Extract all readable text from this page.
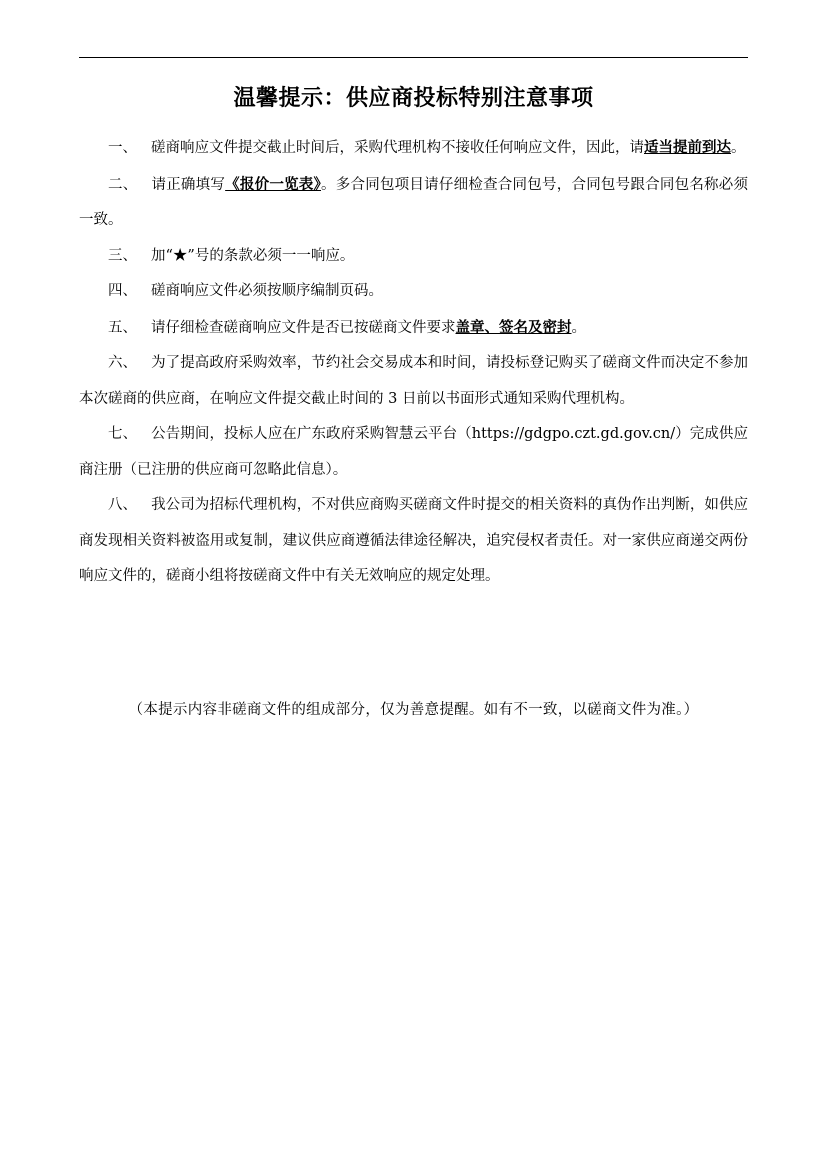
温馨提示：供应商投标特别注意事项

一、 磋商响应文件提交截止时间后，采购代理机构不接收任何响应文件，因此，请适当提前到达。

二、 请正确填写《报价一览表》。多合同包项目请仔细检查合同包号，合同包号跟合同包名称必须一致。

三、 加“★”号的条款必须一一响应。

四、 磋商响应文件必须按顺序编制页码。

五、 请仔细检查磋商响应文件是否已按磋商文件要求盖章、签名及密封。

六、 为了提高政府采购效率，节约社会交易成本和时间，请投标登记购买了磋商文件而决定不参加本次磋商的供应商，在响应文件提交截止时间的 3 日前以书面形式通知采购代理机构。

七、 公告期间，投标人应在广东政府采购智慧云平台（https://gdgpo.czt.gd.gov.cn/）完成供应商注册（已注册的供应商可忽略此信息）。

八、 我公司为招标代理机构，不对供应商购买磋商文件时提交的相关资料的真伪作出判断，如供应商发现相关资料被盗用或复制，建议供应商遵循法律途径解决，追究侵权者责任。对一家供应商递交两份响应文件的，磋商小组将按磋商文件中有关无效响应的规定处理。

（本提示内容非磋商文件的组成部分，仅为善意提醒。如有不一致，以磋商文件为准。）
